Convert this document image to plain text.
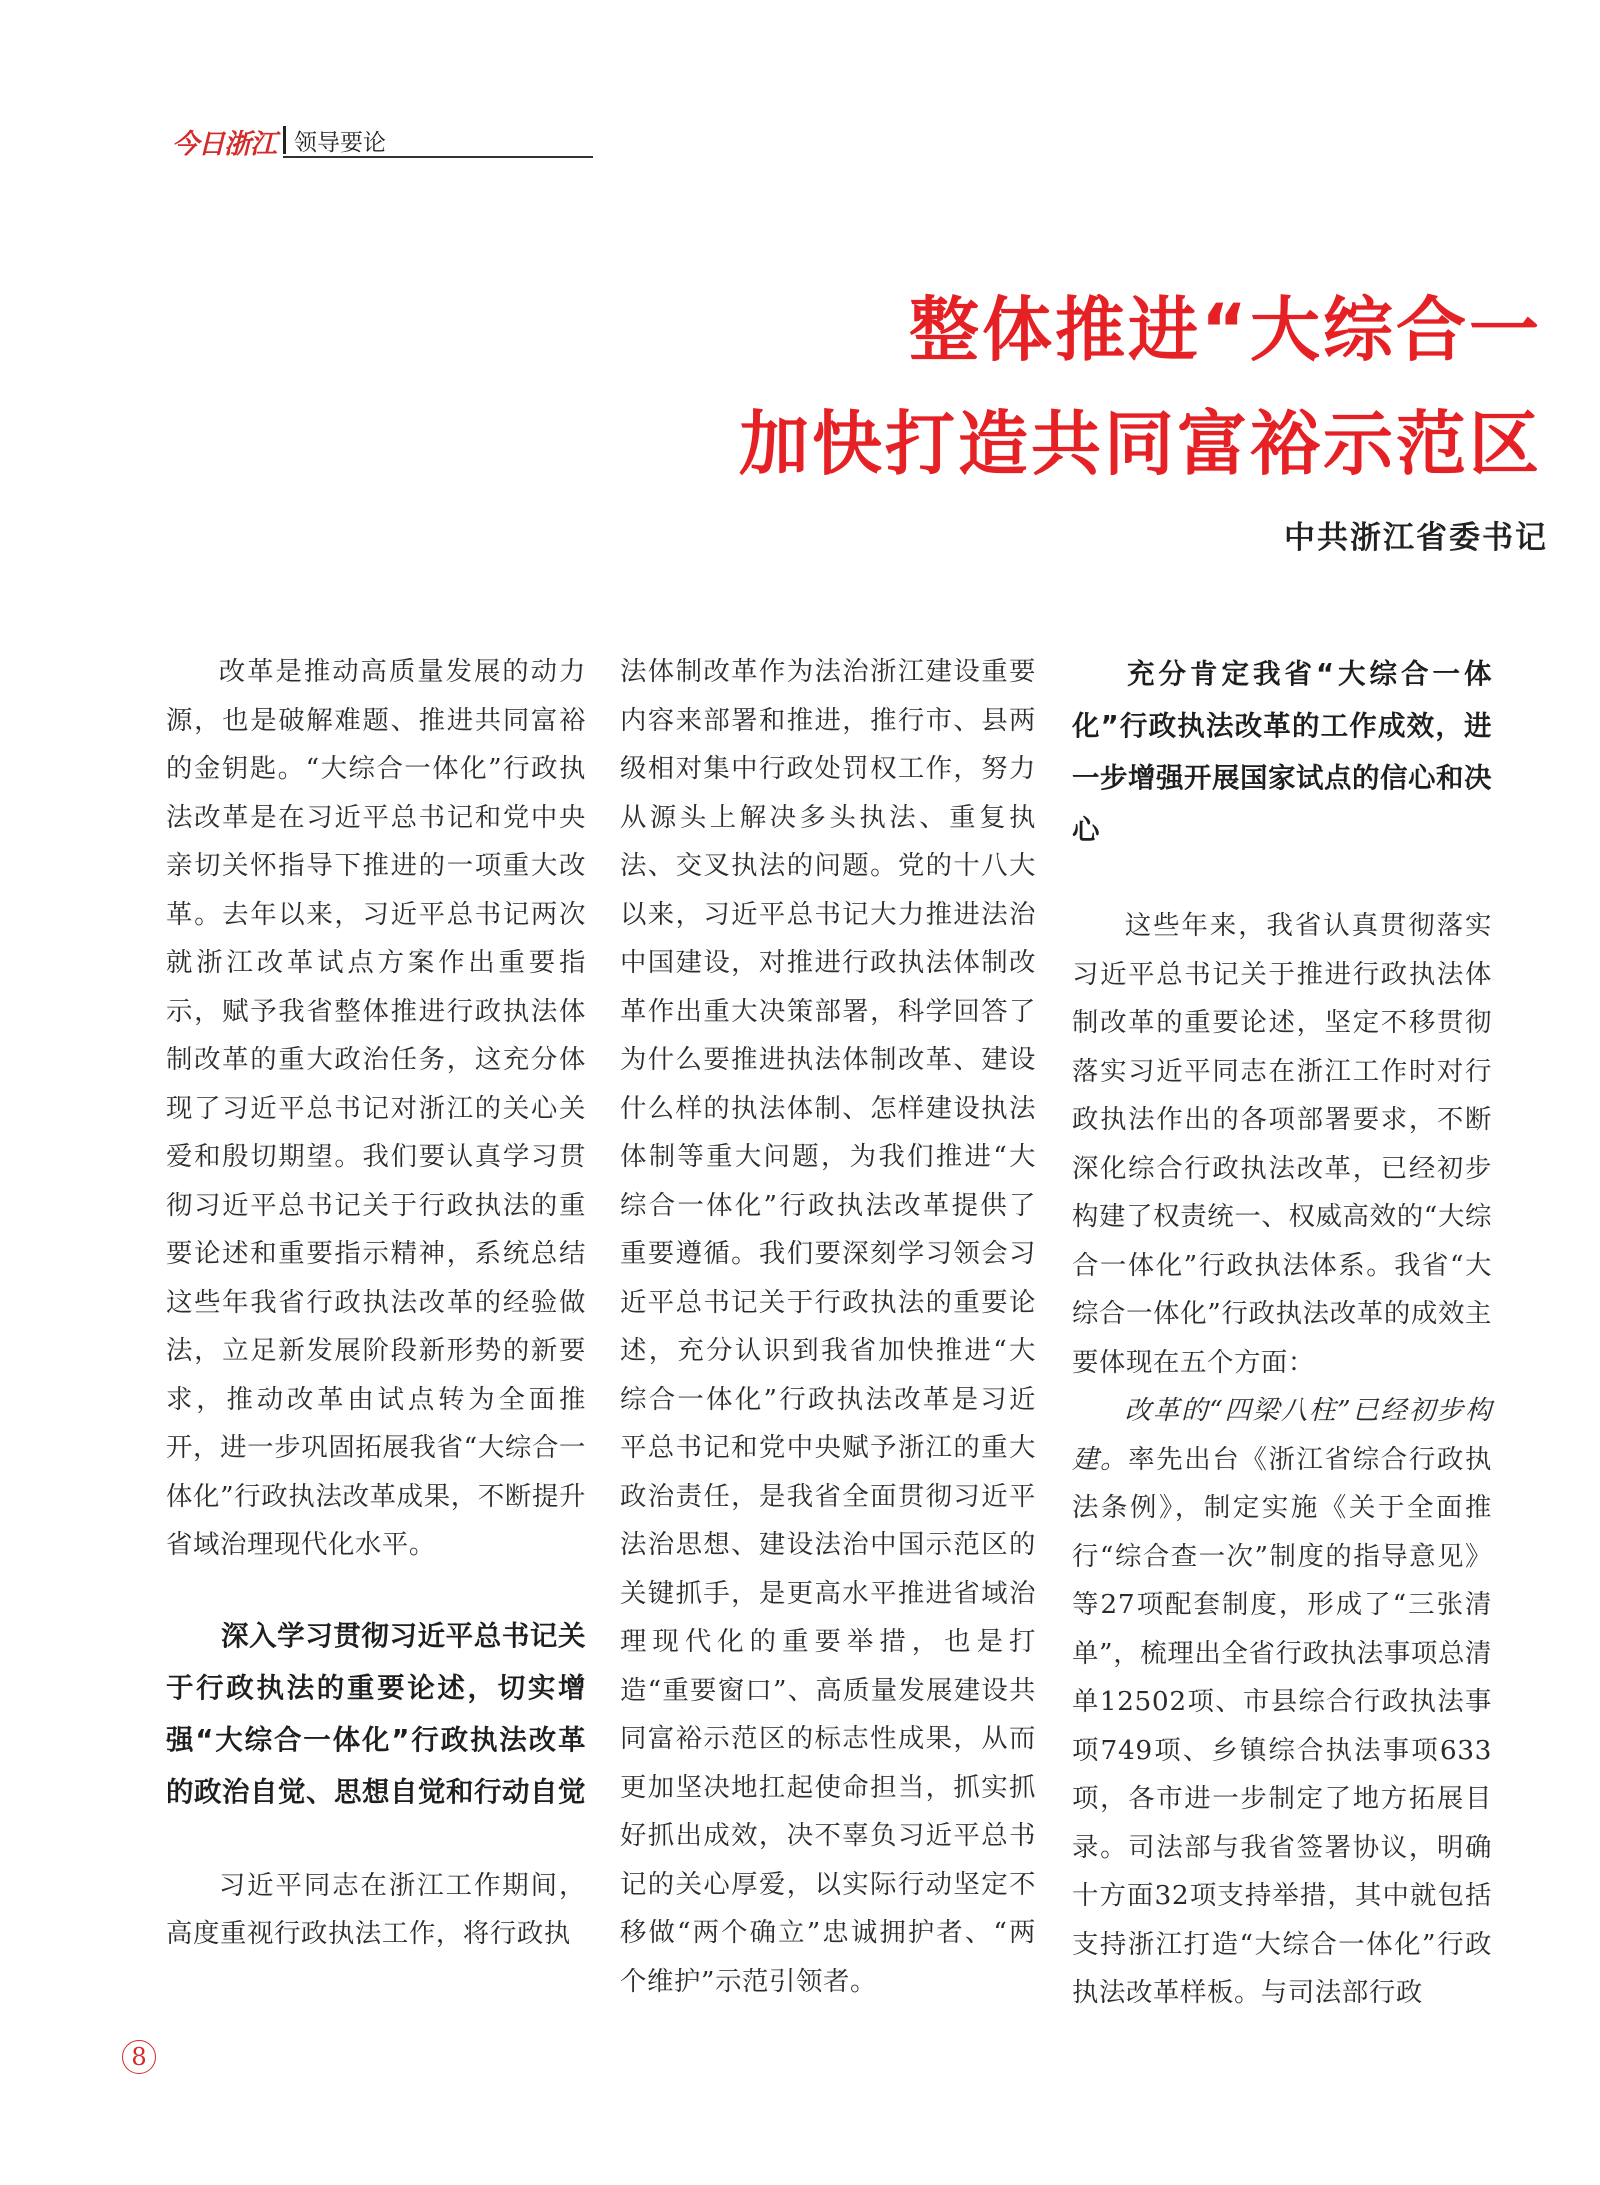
今日浙江 领导要论
整体推进“大综合一
加快打造共同富裕示范区
中共浙江省委书记

改革是推动高质量发展的动力源，也是破解难题、推进共同富裕的金钥匙。“大综合一体化”行政执法改革是在习近平总书记和党中央亲切关怀指导下推进的一项重大改革。去年以来，习近平总书记两次就浙江改革试点方案作出重要指示，赋予我省整体推进行政执法体制改革的重大政治任务，这充分体现了习近平总书记对浙江的关心关爱和殷切期望。我们要认真学习贯彻习近平总书记关于行政执法的重要论述和重要指示精神，系统总结这些年我省行政执法改革的经验做法，立足新发展阶段新形势的新要求，推动改革由试点转为全面推开，进一步巩固拓展我省“大综合一体化”行政执法改革成果，不断提升省域治理现代化水平。

深入学习贯彻习近平总书记关于行政执法的重要论述，切实增强“大综合一体化”行政执法改革的政治自觉、思想自觉和行动自觉

习近平同志在浙江工作期间，高度重视行政执法工作，将行政执

法体制改革作为法治浙江建设重要内容来部署和推进，推行市、县两级相对集中行政处罚权工作，努力从源头上解决多头执法、重复执法、交叉执法的问题。党的十八大以来，习近平总书记大力推进法治中国建设，对推进行政执法体制改革作出重大决策部署，科学回答了为什么要推进执法体制改革、建设什么样的执法体制、怎样建设执法体制等重大问题，为我们推进“大综合一体化”行政执法改革提供了重要遵循。我们要深刻学习领会习近平总书记关于行政执法的重要论述，充分认识到我省加快推进“大综合一体化”行政执法改革是习近平总书记和党中央赋予浙江的重大政治责任，是我省全面贯彻习近平法治思想、建设法治中国示范区的关键抓手，是更高水平推进省域治理现代化的重要举措，也是打造“重要窗口”、高质量发展建设共同富裕示范区的标志性成果，从而更加坚决地扛起使命担当，抓实抓好抓出成效，决不辜负习近平总书记的关心厚爱，以实际行动坚定不移做“两个确立”忠诚拥护者、“两个维护”示范引领者。

充分肯定我省“大综合一体化”行政执法改革的工作成效，进一步增强开展国家试点的信心和决心

这些年来，我省认真贯彻落实习近平总书记关于推进行政执法体制改革的重要论述，坚定不移贯彻落实习近平同志在浙江工作时对行政执法作出的各项部署要求，不断深化综合行政执法改革，已经初步构建了权责统一、权威高效的“大综合一体化”行政执法体系。我省“大综合一体化”行政执法改革的成效主要体现在五个方面：

改革的“四梁八柱”已经初步构建。率先出台《浙江省综合行政执法条例》，制定实施《关于全面推行“综合查一次”制度的指导意见》等27项配套制度，形成了“三张清单”，梳理出全省行政执法事项总清单12502项、市县综合行政执法事项749项、乡镇综合执法事项633项，各市进一步制定了地方拓展目录。司法部与我省签署协议，明确十方面32项支持举措，其中就包括支持浙江打造“大综合一体化”行政执法改革样板。与司法部行政

8
